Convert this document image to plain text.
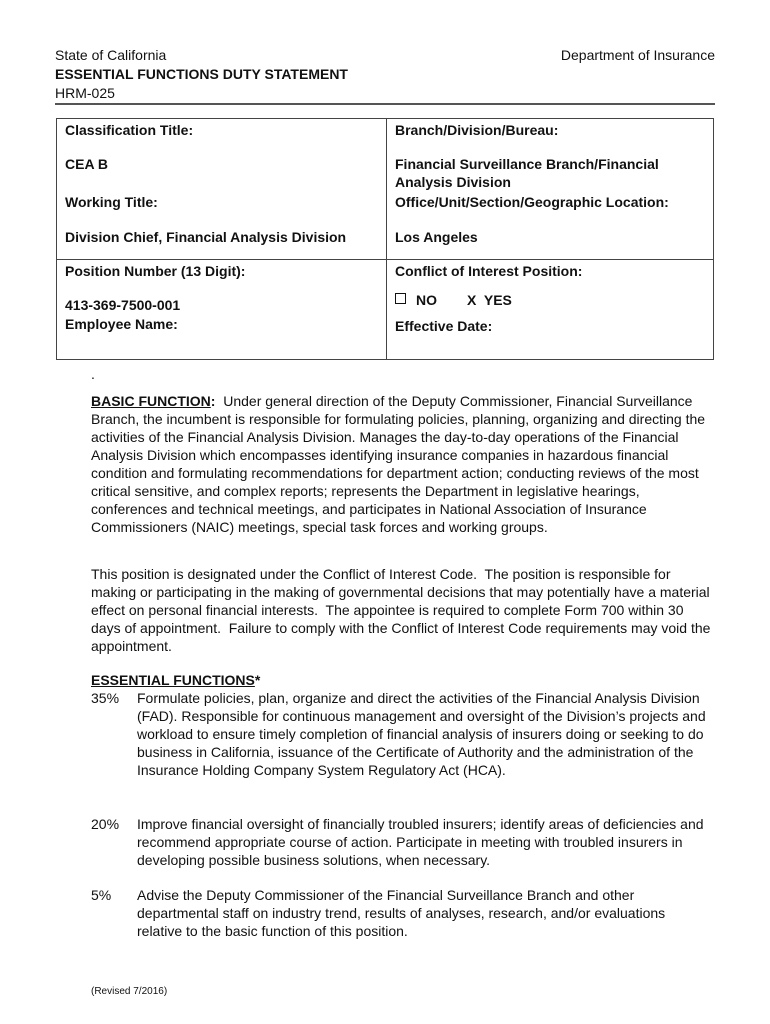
State of California	Department of Insurance
ESSENTIAL FUNCTIONS DUTY STATEMENT
HRM-025
Classification Title:
CEA B
Working Title:
Division Chief, Financial Analysis Division
Branch/Division/Bureau:
Financial Surveillance Branch/Financial Analysis Division
Office/Unit/Section/Geographic Location:
Los Angeles
Position Number (13 Digit):
413-369-7500-001
Employee Name:
Conflict of Interest Position:
NO X  YES
Effective Date:
.

BASIC FUNCTION:  Under general direction of the Deputy Commissioner, Financial Surveillance Branch, the incumbent is responsible for formulating policies, planning, organizing and directing the activities of the Financial Analysis Division. Manages the day-to-day operations of the Financial Analysis Division which encompasses identifying insurance companies in hazardous financial condition and formulating recommendations for department action; conducting reviews of the most critical sensitive, and complex reports; represents the Department in legislative hearings, conferences and technical meetings, and participates in National Association of Insurance Commissioners (NAIC) meetings, special task forces and working groups.

This position is designated under the Conflict of Interest Code.  The position is responsible for making or participating in the making of governmental decisions that may potentially have a material effect on personal financial interests.  The appointee is required to complete Form 700 within 30 days of appointment.  Failure to comply with the Conflict of Interest Code requirements may void the appointment.

ESSENTIAL FUNCTIONS*
35% Formulate policies, plan, organize and direct the activities of the Financial Analysis Division (FAD). Responsible for continuous management and oversight of the Division’s projects and workload to ensure timely completion of financial analysis of insurers doing or seeking to do business in California, issuance of the Certificate of Authority and the administration of the Insurance Holding Company System Regulatory Act (HCA).
20% Improve financial oversight of financially troubled insurers; identify areas of deficiencies and recommend appropriate course of action. Participate in meeting with troubled insurers in developing possible business solutions, when necessary.
5% Advise the Deputy Commissioner of the Financial Surveillance Branch and other departmental staff on industry trend, results of analyses, research, and/or evaluations relative to the basic function of this position.
(Revised 7/2016)
